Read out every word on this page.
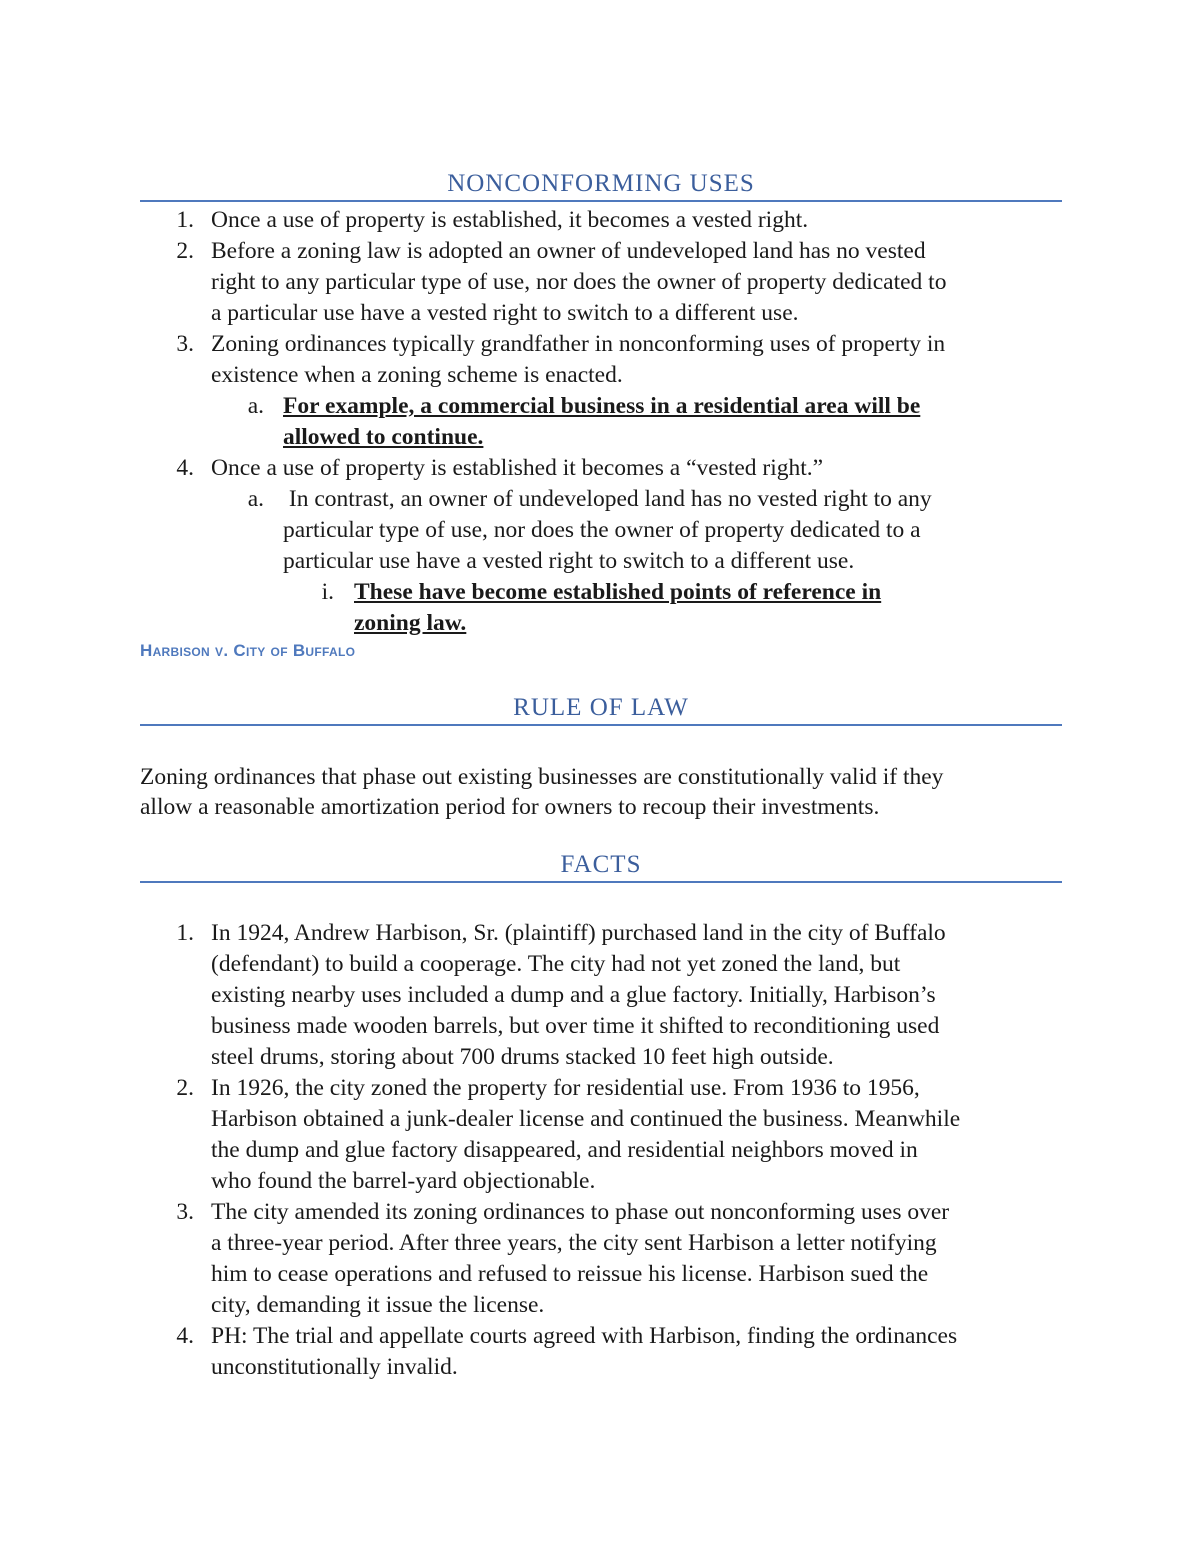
NONCONFORMING USES
1. Once a use of property is established, it becomes a vested right.
2. Before a zoning law is adopted an owner of undeveloped land has no vested
right to any particular type of use, nor does the owner of property dedicated to
a particular use have a vested right to switch to a different use.
3. Zoning ordinances typically grandfather in nonconforming uses of property in
existence when a zoning scheme is enacted.
a. For example, a commercial business in a residential area will be
allowed to continue.
4. Once a use of property is established it becomes a “vested right.”
a. In contrast, an owner of undeveloped land has no vested right to any
particular type of use, nor does the owner of property dedicated to a
particular use have a vested right to switch to a different use.
i. These have become established points of reference in
zoning law.
Harbison v. City of Buffalo
RULE OF LAW
Zoning ordinances that phase out existing businesses are constitutionally valid if they
allow a reasonable amortization period for owners to recoup their investments.
FACTS
1. In 1924, Andrew Harbison, Sr. (plaintiff) purchased land in the city of Buffalo
(defendant) to build a cooperage. The city had not yet zoned the land, but
existing nearby uses included a dump and a glue factory. Initially, Harbison’s
business made wooden barrels, but over time it shifted to reconditioning used
steel drums, storing about 700 drums stacked 10 feet high outside.
2. In 1926, the city zoned the property for residential use. From 1936 to 1956,
Harbison obtained a junk-dealer license and continued the business. Meanwhile
the dump and glue factory disappeared, and residential neighbors moved in
who found the barrel-yard objectionable.
3. The city amended its zoning ordinances to phase out nonconforming uses over
a three-year period. After three years, the city sent Harbison a letter notifying
him to cease operations and refused to reissue his license. Harbison sued the
city, demanding it issue the license.
4. PH: The trial and appellate courts agreed with Harbison, finding the ordinances
unconstitutionally invalid.
